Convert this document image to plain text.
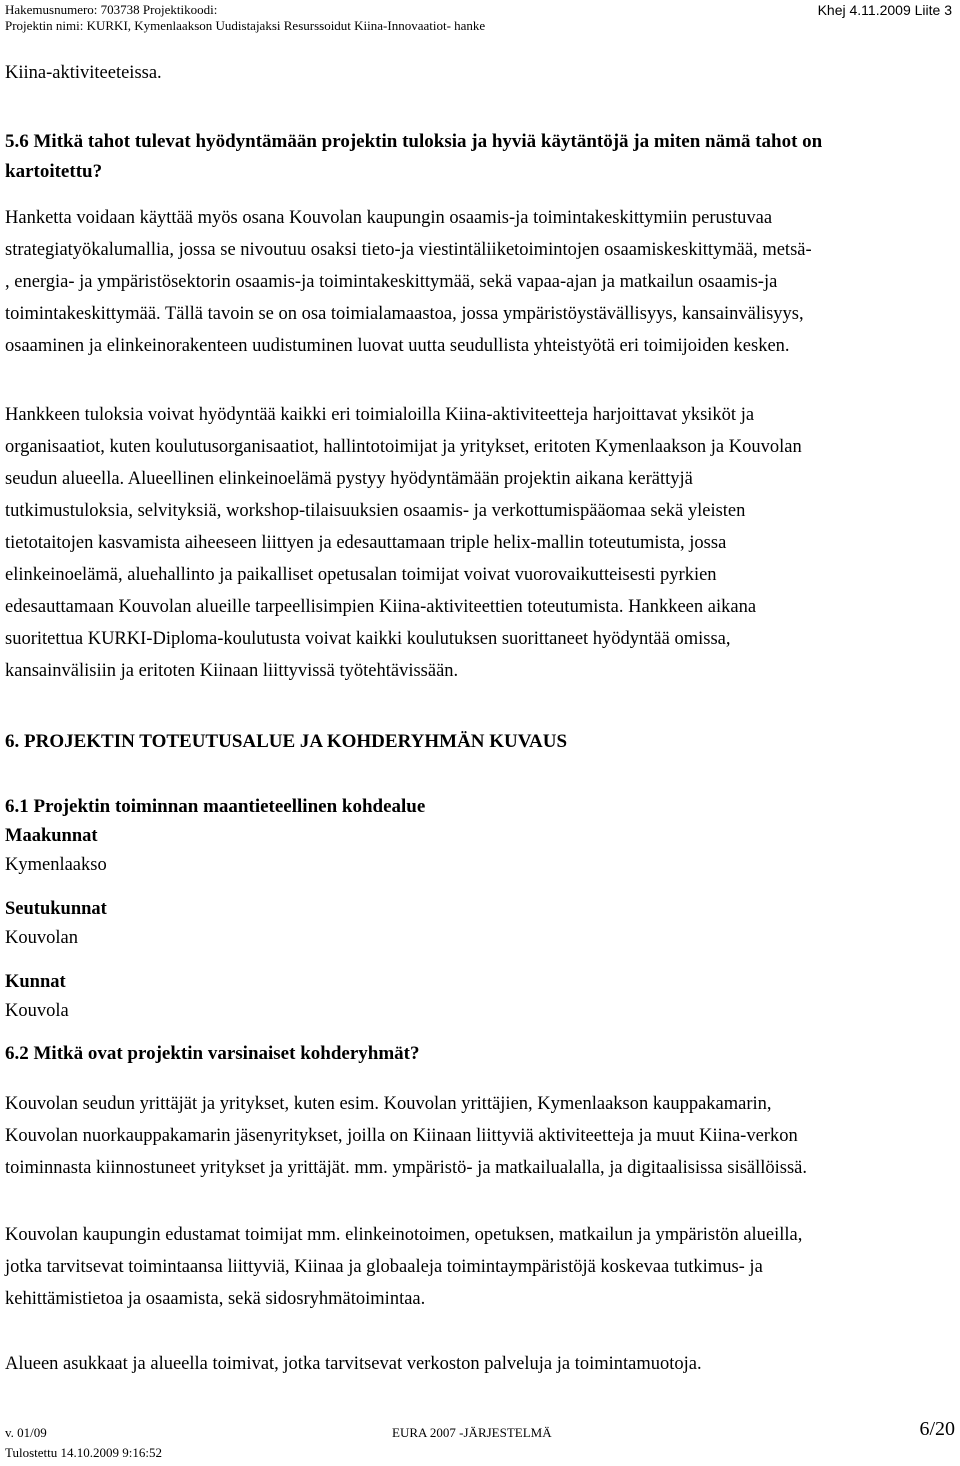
Hakemusnumero: 703738 Projektikoodi:
Projektin nimi: KURKI, Kymenlaakson Uudistajaksi Resurssoidut Kiina-Innovaatiot- hanke
Khej 4.11.2009 Liite 3
Kiina-aktiviteeteissa.
5.6 Mitkä tahot tulevat hyödyntämään projektin tuloksia ja hyviä käytäntöjä ja miten nämä tahot on
kartoitettu?
Hanketta voidaan käyttää myös osana Kouvolan kaupungin osaamis-ja toimintakeskittymiin perustuvaa
strategiatyökalumallia, jossa se nivoutuu osaksi tieto-ja viestintäliiketoimintojen osaamiskeskittymää, metsä-
, energia- ja ympäristösektorin osaamis-ja toimintakeskittymää, sekä vapaa-ajan ja matkailun osaamis-ja
toimintakeskittymää. Tällä tavoin se on osa toimialamaastoa, jossa ympäristöystävällisyys, kansainvälisyys,
osaaminen ja elinkeinorakenteen uudistuminen luovat uutta seudullista yhteistyötä eri toimijoiden kesken.
Hankkeen tuloksia voivat hyödyntää kaikki eri toimialoilla Kiina-aktiviteetteja harjoittavat yksiköt ja
organisaatiot, kuten koulutusorganisaatiot, hallintotoimijat ja yritykset, eritoten Kymenlaakson ja Kouvolan
seudun alueella. Alueellinen elinkeinoelämä pystyy hyödyntämään projektin aikana kerättyjä
tutkimustuloksia, selvityksiä, workshop-tilaisuuksien osaamis- ja verkottumispääomaa sekä yleisten
tietotaitojen kasvamista aiheeseen liittyen ja edesauttamaan triple helix-mallin toteutumista, jossa
elinkeinoelämä, aluehallinto ja paikalliset opetusalan toimijat voivat vuorovaikutteisesti pyrkien
edesauttamaan Kouvolan alueille tarpeellisimpien Kiina-aktiviteettien toteutumista. Hankkeen aikana
suoritettua KURKI-Diploma-koulutusta voivat kaikki koulutuksen suorittaneet hyödyntää omissa,
kansainvälisiin ja eritoten Kiinaan liittyvissä työtehtävissään.
6. PROJEKTIN TOTEUTUSALUE JA KOHDERYHMÄN KUVAUS
6.1 Projektin toiminnan maantieteellinen kohdealue
Maakunnat
Kymenlaakso
Seutukunnat
Kouvolan
Kunnat
Kouvola
6.2 Mitkä ovat projektin varsinaiset kohderyhmät?
Kouvolan seudun yrittäjät ja yritykset, kuten esim. Kouvolan yrittäjien, Kymenlaakson kauppakamarin,
Kouvolan nuorkauppakamarin jäsenyritykset, joilla on Kiinaan liittyviä aktiviteetteja ja muut Kiina-verkon
toiminnasta kiinnostuneet yritykset ja yrittäjät. mm. ympäristö- ja matkailualalla, ja digitaalisissa sisällöissä.
Kouvolan kaupungin edustamat toimijat mm. elinkeinotoimen, opetuksen, matkailun ja ympäristön alueilla,
jotka tarvitsevat toimintaansa liittyviä, Kiinaa ja globaaleja toimintaympäristöjä koskevaa tutkimus- ja
kehittämistietoa ja osaamista, sekä sidosryhmätoimintaa.
Alueen asukkaat ja alueella toimivat, jotka tarvitsevat verkoston palveluja ja toimintamuotoja.
v. 01/09	EURA 2007 -JÄRJESTELMÄ	6/20
Tulostettu 14.10.2009 9:16:52
